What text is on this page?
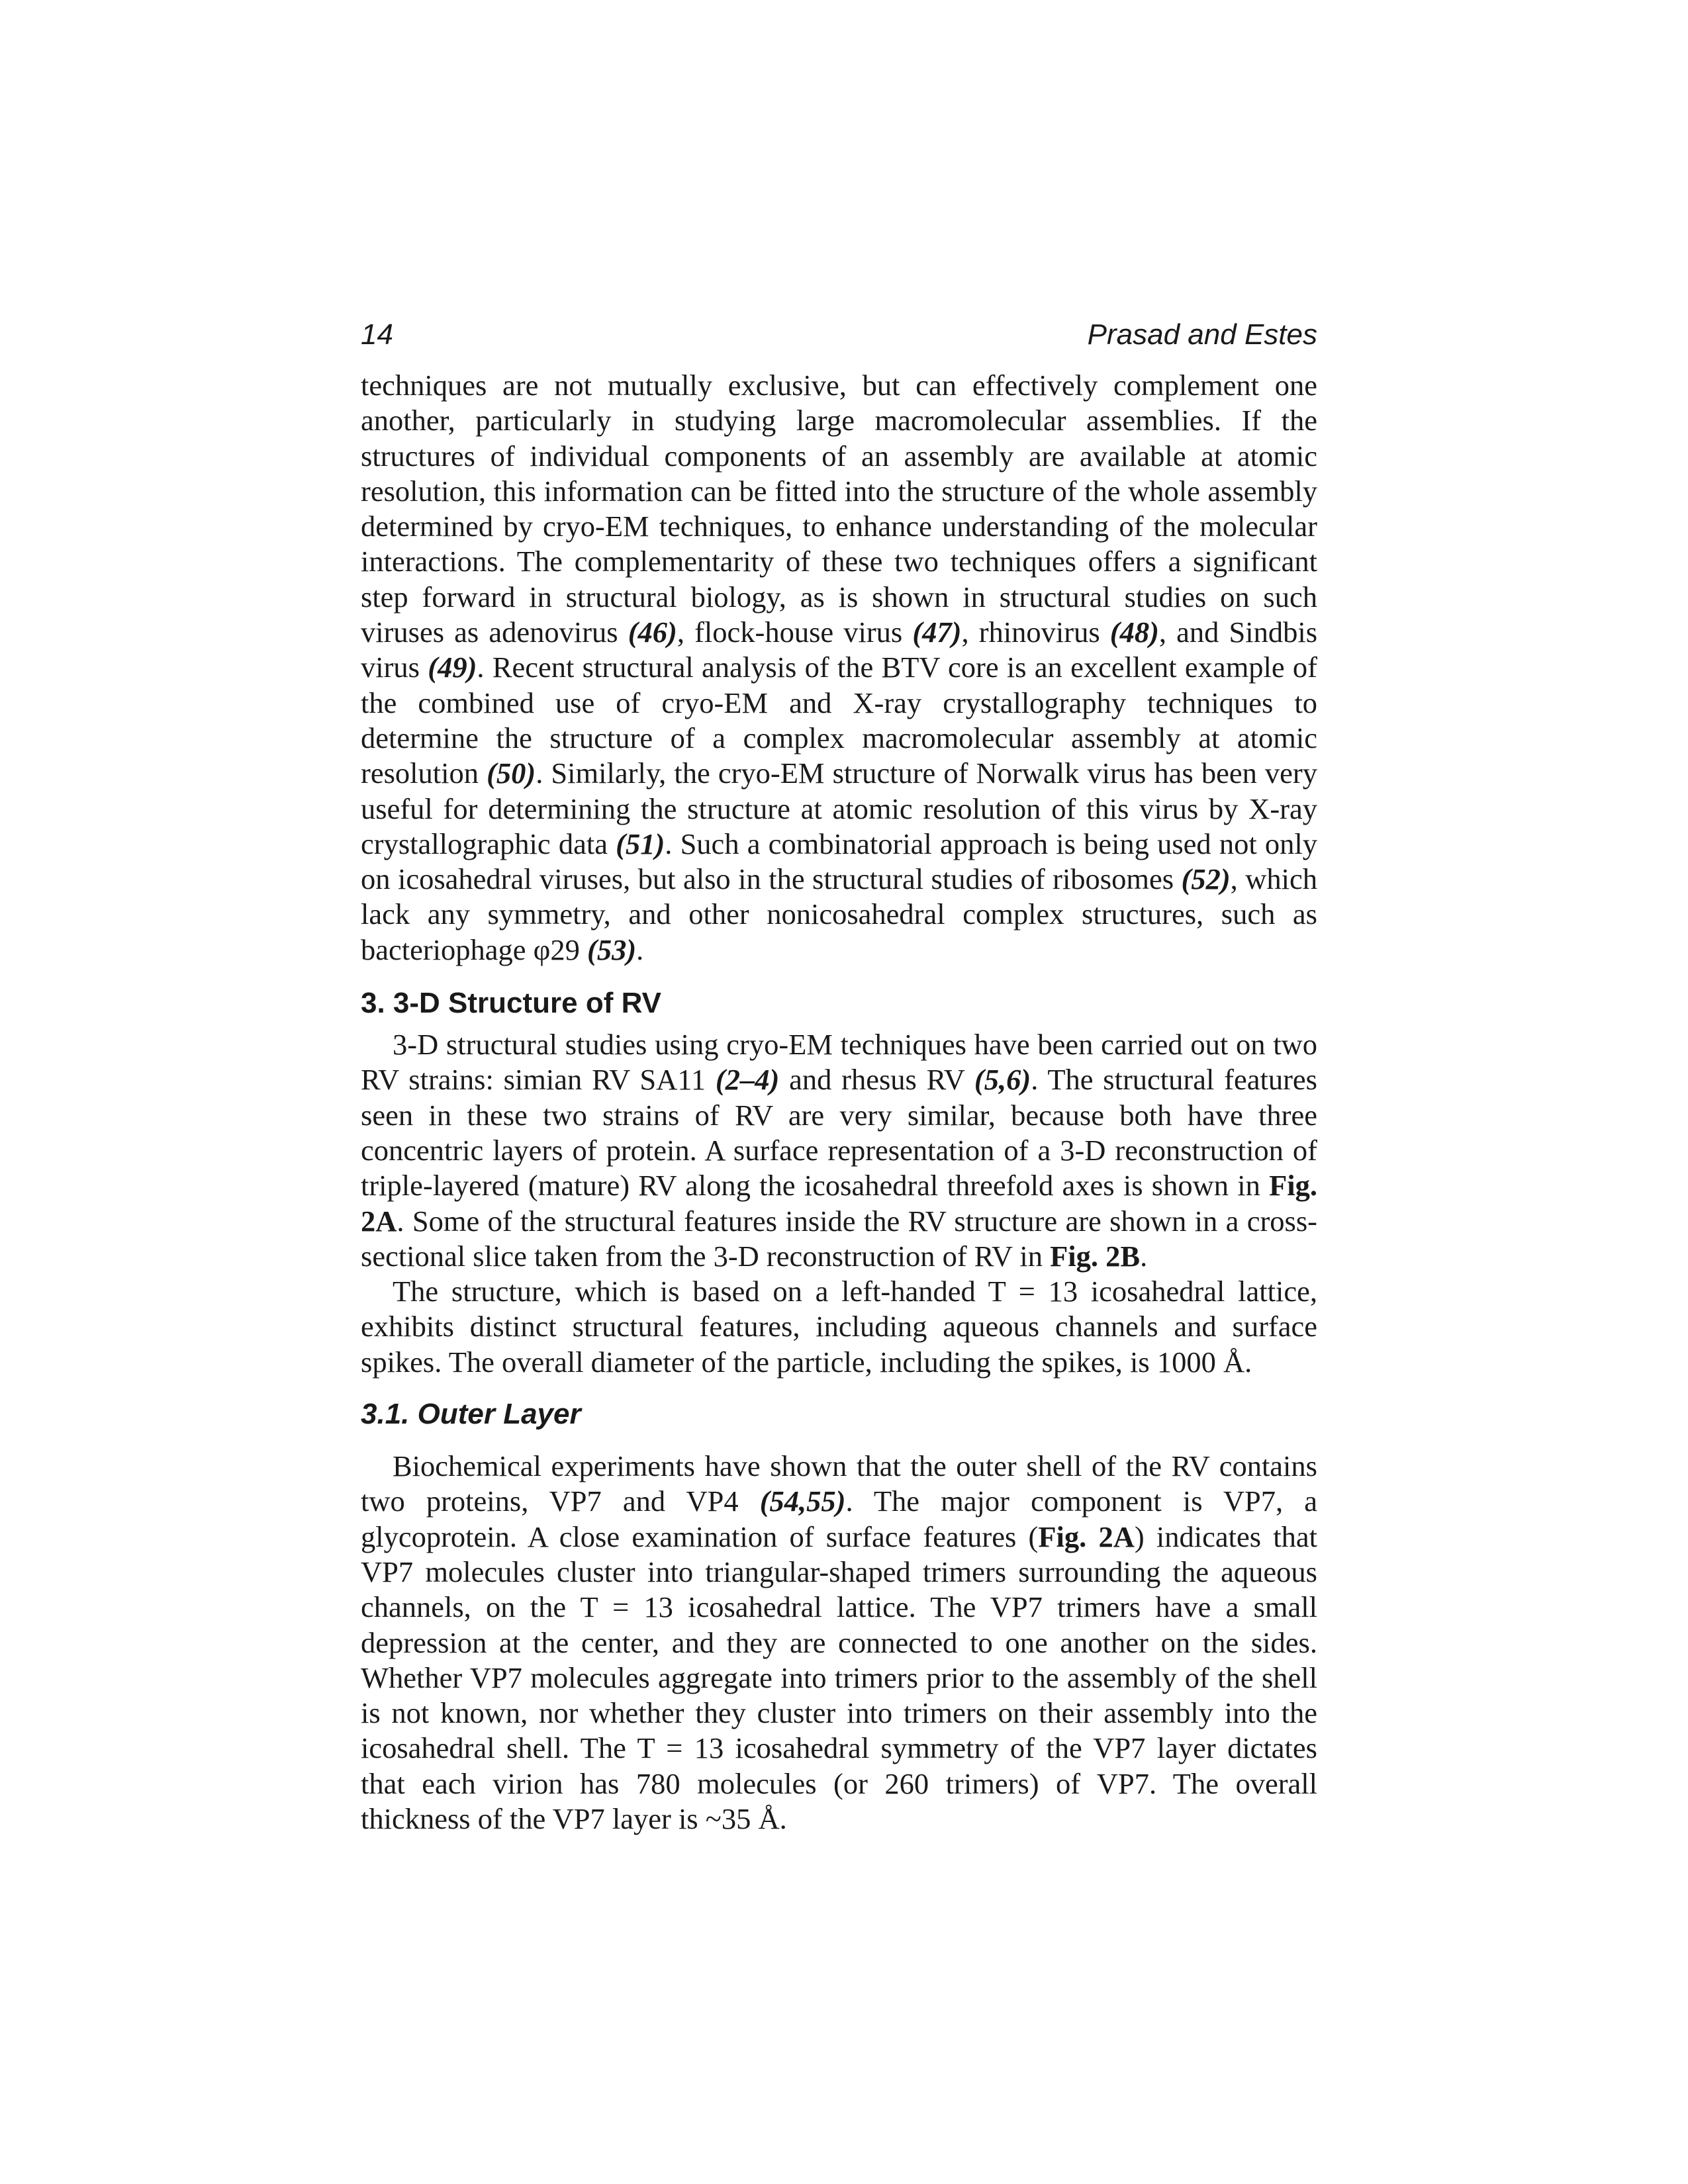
14	Prasad and Estes

techniques are not mutually exclusive, but can effectively complement one another, particularly in studying large macromolecular assemblies. If the structures of individual components of an assembly are available at atomic resolution, this information can be fitted into the structure of the whole assembly determined by cryo-EM techniques, to enhance understanding of the molecular interactions. The complementarity of these two techniques offers a significant step forward in structural biology, as is shown in structural studies on such viruses as adenovirus (46), flock-house virus (47), rhinovirus (48), and Sindbis virus (49). Recent structural analysis of the BTV core is an excellent example of the combined use of cryo-EM and X-ray crystallography techniques to determine the structure of a complex macromolecular assembly at atomic resolution (50). Similarly, the cryo-EM structure of Norwalk virus has been very useful for determining the structure at atomic resolution of this virus by X-ray crystallographic data (51). Such a combinatorial approach is being used not only on icosahedral viruses, but also in the structural studies of ribosomes (52), which lack any symmetry, and other nonicosahedral complex structures, such as bacteriophage φ29 (53).

3. 3-D Structure of RV

3-D structural studies using cryo-EM techniques have been carried out on two RV strains: simian RV SA11 (2–4) and rhesus RV (5,6). The structural features seen in these two strains of RV are very similar, because both have three concentric layers of protein. A surface representation of a 3-D reconstruction of triple-layered (mature) RV along the icosahedral threefold axes is shown in Fig. 2A. Some of the structural features inside the RV structure are shown in a cross-sectional slice taken from the 3-D reconstruction of RV in Fig. 2B.

The structure, which is based on a left-handed T = 13 icosahedral lattice, exhibits distinct structural features, including aqueous channels and surface spikes. The overall diameter of the particle, including the spikes, is 1000 Å.

3.1. Outer Layer

Biochemical experiments have shown that the outer shell of the RV contains two proteins, VP7 and VP4 (54,55). The major component is VP7, a glycoprotein. A close examination of surface features (Fig. 2A) indicates that VP7 molecules cluster into triangular-shaped trimers surrounding the aqueous channels, on the T = 13 icosahedral lattice. The VP7 trimers have a small depression at the center, and they are connected to one another on the sides. Whether VP7 molecules aggregate into trimers prior to the assembly of the shell is not known, nor whether they cluster into trimers on their assembly into the icosahedral shell. The T = 13 icosahedral symmetry of the VP7 layer dictates that each virion has 780 molecules (or 260 trimers) of VP7. The overall thickness of the VP7 layer is ~35 Å.
